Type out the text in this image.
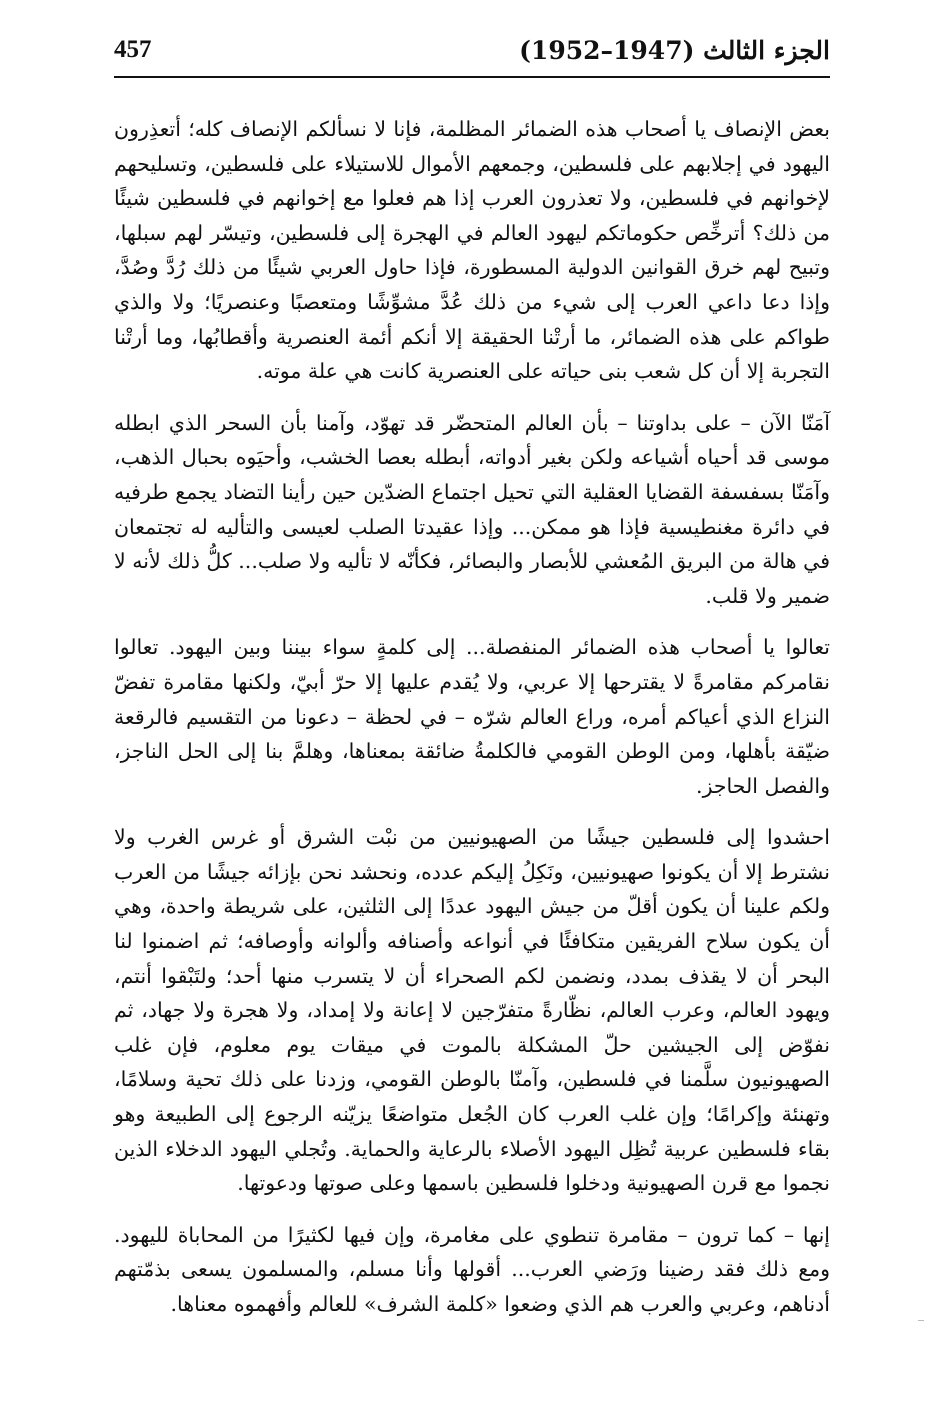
457	الجزء الثالث (1947–1952)

بعض الإنصاف يا أصحاب هذه الضمائر المظلمة، فإنا لا نسألكم الإنصاف كله؛ أتعذِرون اليهود في إجلابهم على فلسطين، وجمعهم الأموال للاستيلاء على فلسطين، وتسليحهم لإخوانهم في فلسطين، ولا تعذرون العرب إذا هم فعلوا مع إخوانهم في فلسطين شيئًا من ذلك؟ أترخِّص حكوماتكم ليهود العالم في الهجرة إلى فلسطين، وتيسّر لهم سبلها، وتبيح لهم خرق القوانين الدولية المسطورة، فإذا حاول العربي شيئًا من ذلك رُدَّ وصُدَّ، وإذا دعا داعي العرب إلى شيء من ذلك عُدَّ مشوِّشًا ومتعصبًا وعنصريًا؛ ولا والذي طواكم على هذه الضمائر، ما أرتْنا الحقيقة إلا أنكم أئمة العنصرية وأقطابُها، وما أرتْنا التجربة إلا أن كل شعب بنى حياته على العنصرية كانت هي علة موته.

آمَنّا الآن – على بداوتنا – بأن العالم المتحضّر قد تهوّد، وآمنا بأن السحر الذي ابطله موسى قد أحياه أشياعه ولكن بغير أدواته، أبطله بعصا الخشب، وأحيَوه بحبال الذهب، وآمَنّا بسفسفة القضايا العقلية التي تحيل اجتماع الضدّين حين رأينا التضاد يجمع طرفيه في دائرة مغنطيسية فإذا هو ممكن... وإذا عقيدتا الصلب لعيسى والتأليه له تجتمعان في هالة من البريق المُعشي للأبصار والبصائر، فكأنّه لا تأليه ولا صلب... كلُّ ذلك لأنه لا ضمير ولا قلب.

تعالوا يا أصحاب هذه الضمائر المنفصلة... إلى كلمةٍ سواء بيننا وبين اليهود. تعالوا نقامركم مقامرةً لا يقترحها إلا عربي، ولا يُقدم عليها إلا حرّ أبيّ، ولكنها مقامرة تفضّ النزاع الذي أعياكم أمره، وراع العالم شرّه – في لحظة – دعونا من التقسيم فالرقعة ضيّقة بأهلها، ومن الوطن القومي فالكلمةُ ضائقة بمعناها، وهلمَّ بنا إلى الحل الناجز، والفصل الحاجز.

احشدوا إلى فلسطين جيشًا من الصهيونيين من نبْت الشرق أو غرس الغرب ولا نشترط إلا أن يكونوا صهيونيين، ونَكِلُ إليكم عدده، ونحشد نحن بإزائه جيشًا من العرب ولكم علينا أن يكون أقلّ من جيش اليهود عددًا إلى الثلثين، على شريطة واحدة، وهي أن يكون سلاح الفريقين متكافئًا في أنواعه وأصنافه وألوانه وأوصافه؛ ثم اضمنوا لنا البحر أن لا يقذف بمدد، ونضمن لكم الصحراء أن لا يتسرب منها أحد؛ ولتَبْقوا أنتم، ويهود العالم، وعرب العالم، نظّارةً متفرّجين لا إعانة ولا إمداد، ولا هجرة ولا جهاد، ثم نفوّض إلى الجيشين حلّ المشكلة بالموت في ميقات يوم معلوم، فإن غلب الصهيونيون سلَّمنا في فلسطين، وآمنّا بالوطن القومي، وزدنا على ذلك تحية وسلامًا، وتهنئة وإكرامًا؛ وإن غلب العرب كان الجُعل متواضعًا يزيّنه الرجوع إلى الطبيعة وهو بقاء فلسطين عربية تُظِل اليهود الأصلاء بالرعاية والحماية. وتُجلي اليهود الدخلاء الذين نجموا مع قرن الصهيونية ودخلوا فلسطين باسمها وعلى صوتها ودعوتها.

إنها – كما ترون – مقامرة تنطوي على مغامرة، وإن فيها لكثيرًا من المحاباة لليهود. ومع ذلك فقد رضينا ورَضي العرب... أقولها وأنا مسلم، والمسلمون يسعى بذمّتهم أدناهم، وعربي والعرب هم الذي وضعوا «كلمة الشرف» للعالم وأفهموه معناها.
